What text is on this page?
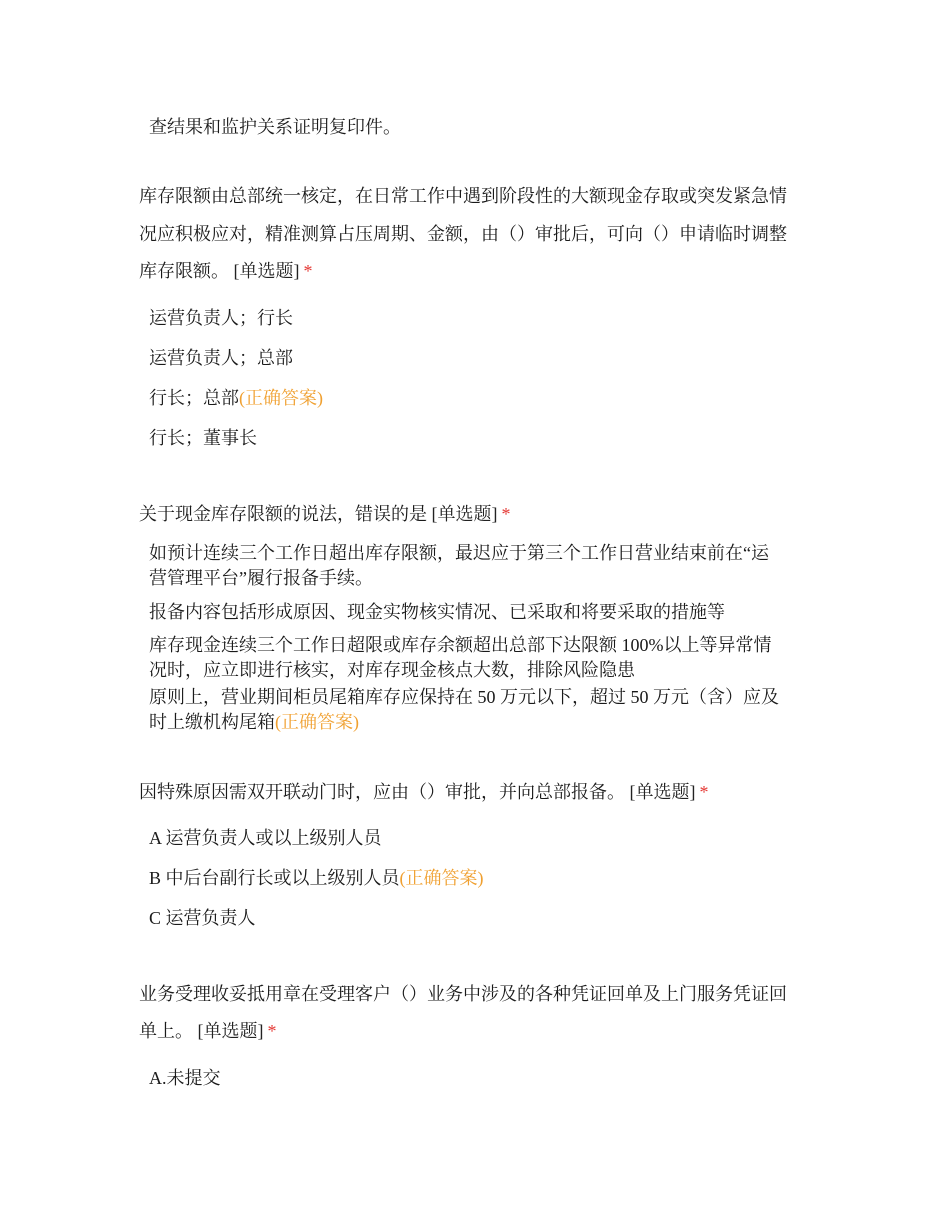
查结果和监护关系证明复印件。
库存限额由总部统一核定，在日常工作中遇到阶段性的大额现金存取或突发紧急情
况应积极应对，精准测算占压周期、金额，由（）审批后，可向（）申请临时调整
库存限额。 [单选题] *
运营负责人；行长
运营负责人；总部
行长；总部(正确答案)
行长；董事长
关于现金库存限额的说法，错误的是 [单选题] *
如预计连续三个工作日超出库存限额，最迟应于第三个工作日营业结束前在“运
营管理平台”履行报备手续。
报备内容包括形成原因、现金实物核实情况、已采取和将要采取的措施等
库存现金连续三个工作日超限或库存余额超出总部下达限额 100%以上等异常情
况时，应立即进行核实，对库存现金核点大数，排除风险隐患
原则上，营业期间柜员尾箱库存应保持在 50 万元以下，超过 50 万元（含）应及
时上缴机构尾箱(正确答案)
因特殊原因需双开联动门时，应由（）审批，并向总部报备。 [单选题] *
A 运营负责人或以上级别人员
B 中后台副行长或以上级别人员(正确答案)
C 运营负责人
业务受理收妥抵用章在受理客户（）业务中涉及的各种凭证回单及上门服务凭证回
单上。 [单选题] *
A.未提交
